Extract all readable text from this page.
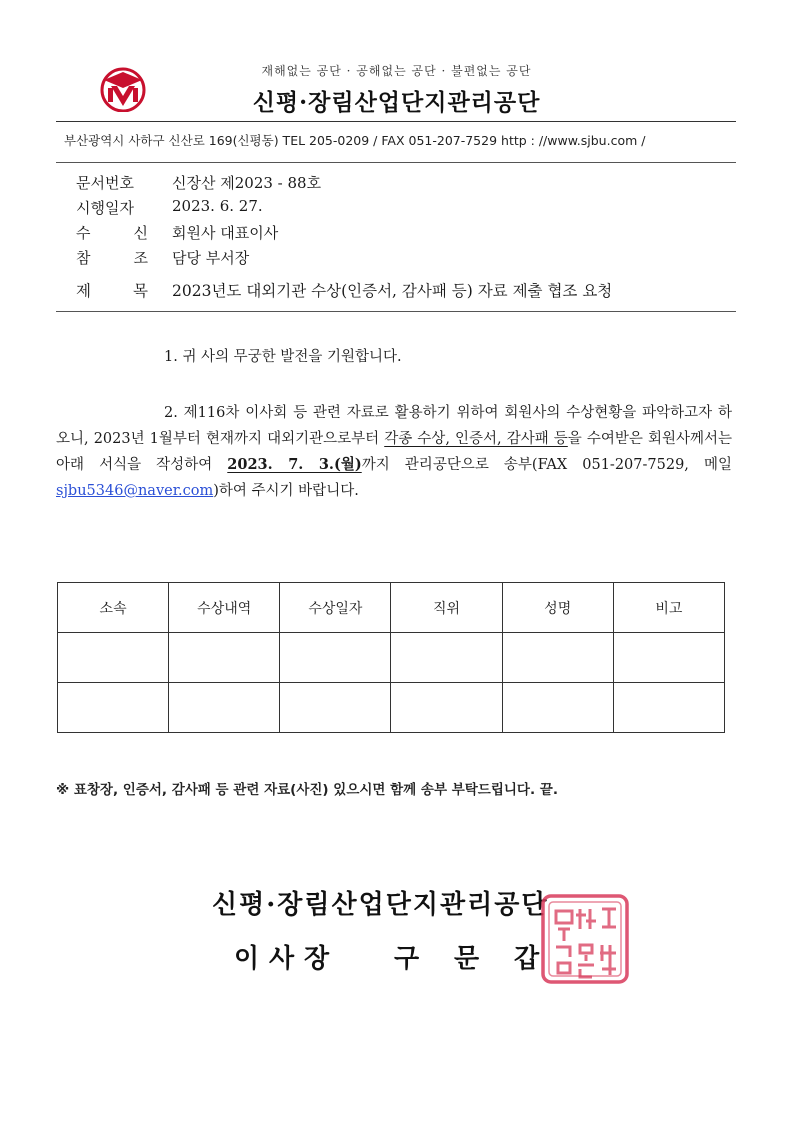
재해없는 공단 · 공해없는 공단 · 불편없는 공단
신평·장림산업단지관리공단
부산광역시 사하구 신산로 169(신평동) TEL 205-0209 / FAX 051-207-7529 http : //www.sjbu.com /
문서번호	신장산 제2023 - 88호
시행일자	2023. 6. 27.
수	신 회원사 대표이사
참	조 담당 부서장
제	목 2023년도 대외기관 수상(인증서, 감사패 등) 자료 제출 협조 요청
1. 귀 사의 무궁한 발전을 기원합니다.
2. 제116차 이사회 등 관련 자료로 활용하기 위하여 회원사의 수상현황을 파악하고자 하오니, 2023년 1월부터 현재까지 대외기관으로부터 각종 수상, 인증서, 감사패 등을 수여받은 회원사께서는 아래 서식을 작성하여 2023. 7. 3.(월)까지 관리공단으로 송부(FAX 051-207-7529, 메일 sjbu5346@naver.com)하여 주시기 바랍니다.
소속	수상내역	수상일자	직위	성명	비고

※ 표창장, 인증서, 감사패 등 관련 자료(사진) 있으시면 함께 송부 부탁드립니다. 끝.
신평·장림산업단지관리공단
이 사 장	구	문	갑
